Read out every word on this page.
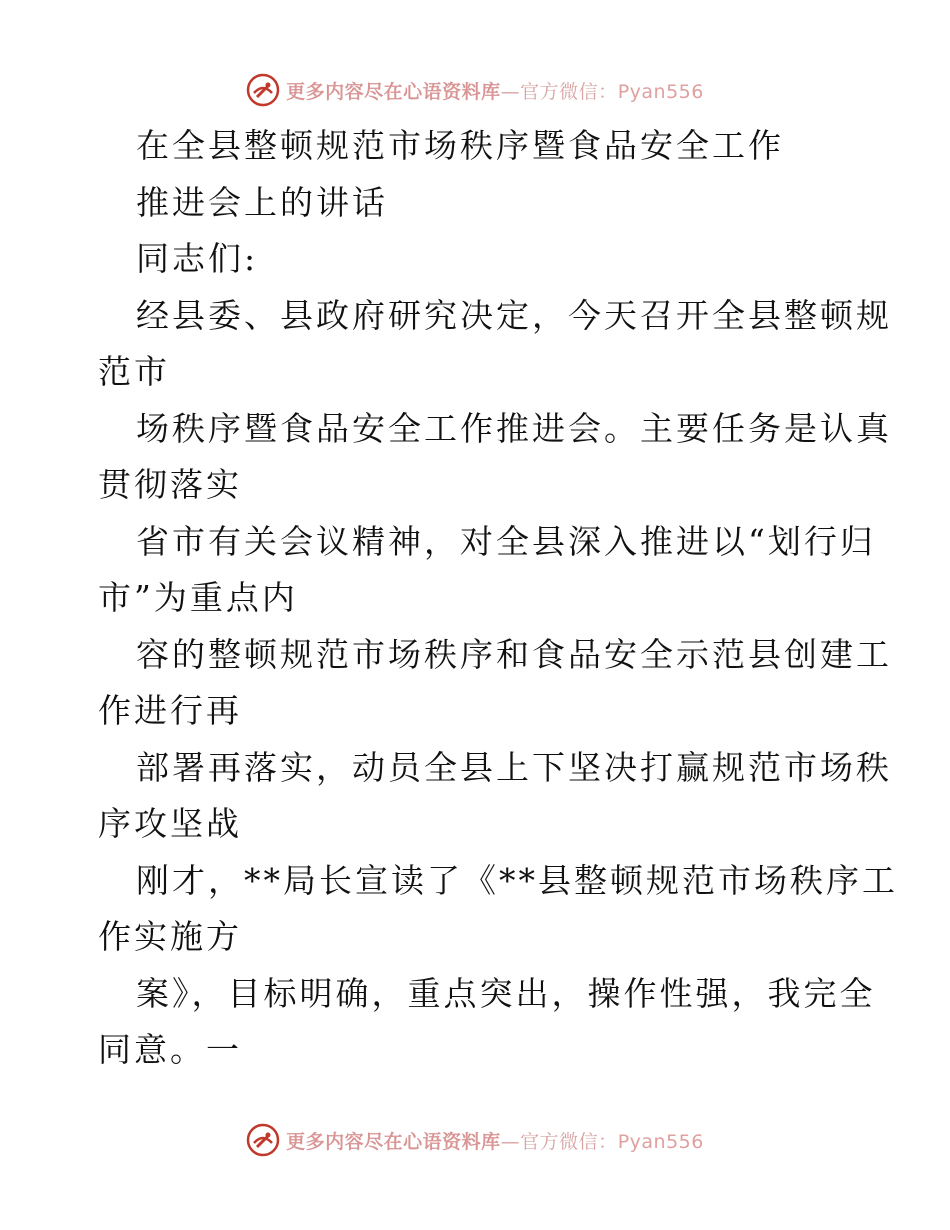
更多内容尽在心语资料库—官方微信：Pyan556
在全县整顿规范市场秩序暨食品安全工作
推进会上的讲话
同志们:
经县委、县政府研究决定，今天召开全县整顿规
范市
场秩序暨食品安全工作推进会。主要任务是认真
贯彻落实
省市有关会议精神，对全县深入推进以“划行归
市”为重点内
容的整顿规范市场秩序和食品安全示范县创建工
作进行再
部署再落实，动员全县上下坚决打赢规范市场秩
序攻坚战
刚才，**局长宣读了《**县整顿规范市场秩序工
作实施方
案》，目标明确，重点突出，操作性强，我完全
同意。一
更多内容尽在心语资料库—官方微信：Pyan556
